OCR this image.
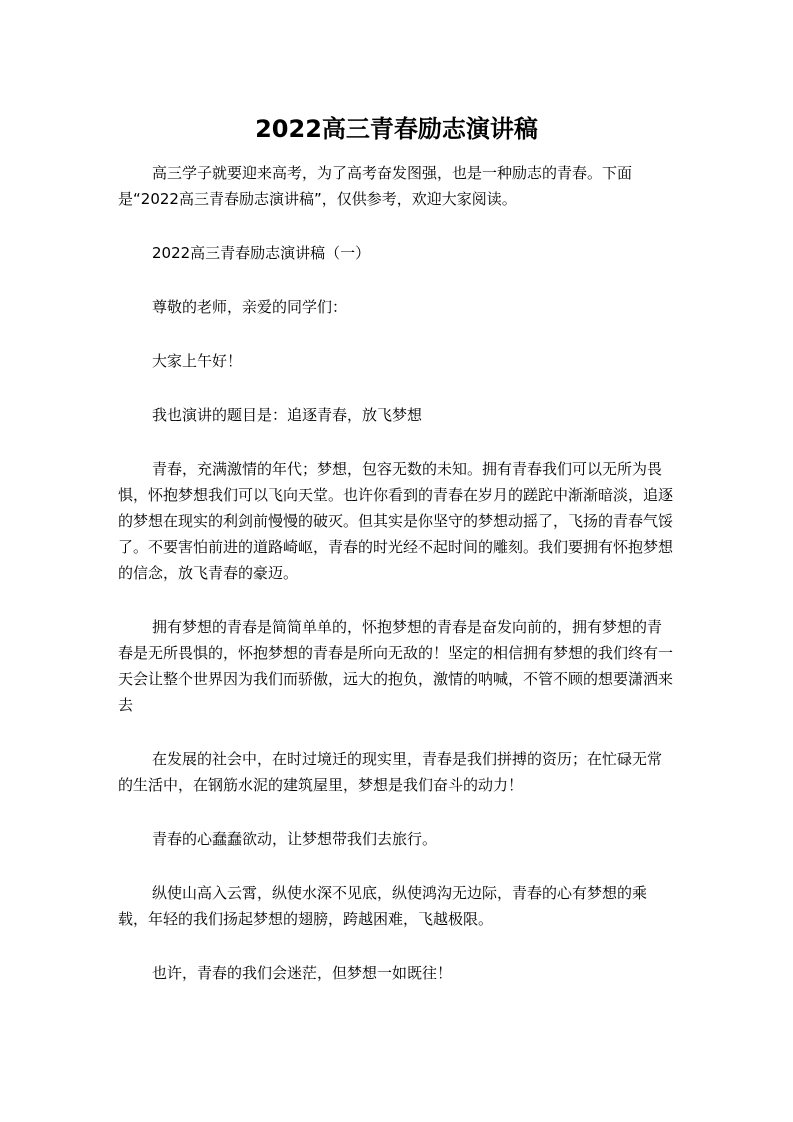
2022高三青春励志演讲稿

高三学子就要迎来高考，为了高考奋发图强，也是一种励志的青春。下面是“2022高三青春励志演讲稿”，仅供参考，欢迎大家阅读。

2022高三青春励志演讲稿（一）

尊敬的老师，亲爱的同学们：

大家上午好！

我也演讲的题目是：追逐青春，放飞梦想

青春，充满激情的年代；梦想，包容无数的未知。拥有青春我们可以无所为畏惧，怀抱梦想我们可以飞向天堂。也许你看到的青春在岁月的蹉跎中渐渐暗淡，追逐的梦想在现实的利剑前慢慢的破灭。但其实是你坚守的梦想动摇了，飞扬的青春气馁了。不要害怕前进的道路崎岖，青春的时光经不起时间的雕刻。我们要拥有怀抱梦想的信念，放飞青春的豪迈。

拥有梦想的青春是简简单单的，怀抱梦想的青春是奋发向前的，拥有梦想的青春是无所畏惧的，怀抱梦想的青春是所向无敌的！坚定的相信拥有梦想的我们终有一天会让整个世界因为我们而骄傲，远大的抱负，激情的呐喊，不管不顾的想要潇洒来去

在发展的社会中，在时过境迁的现实里，青春是我们拼搏的资历；在忙碌无常的生活中，在钢筋水泥的建筑屋里，梦想是我们奋斗的动力！

青春的心蠢蠢欲动，让梦想带我们去旅行。

纵使山高入云霄，纵使水深不见底，纵使鸿沟无边际，青春的心有梦想的乘载，年轻的我们扬起梦想的翅膀，跨越困难，飞越极限。

也许，青春的我们会迷茫，但梦想一如既往！
